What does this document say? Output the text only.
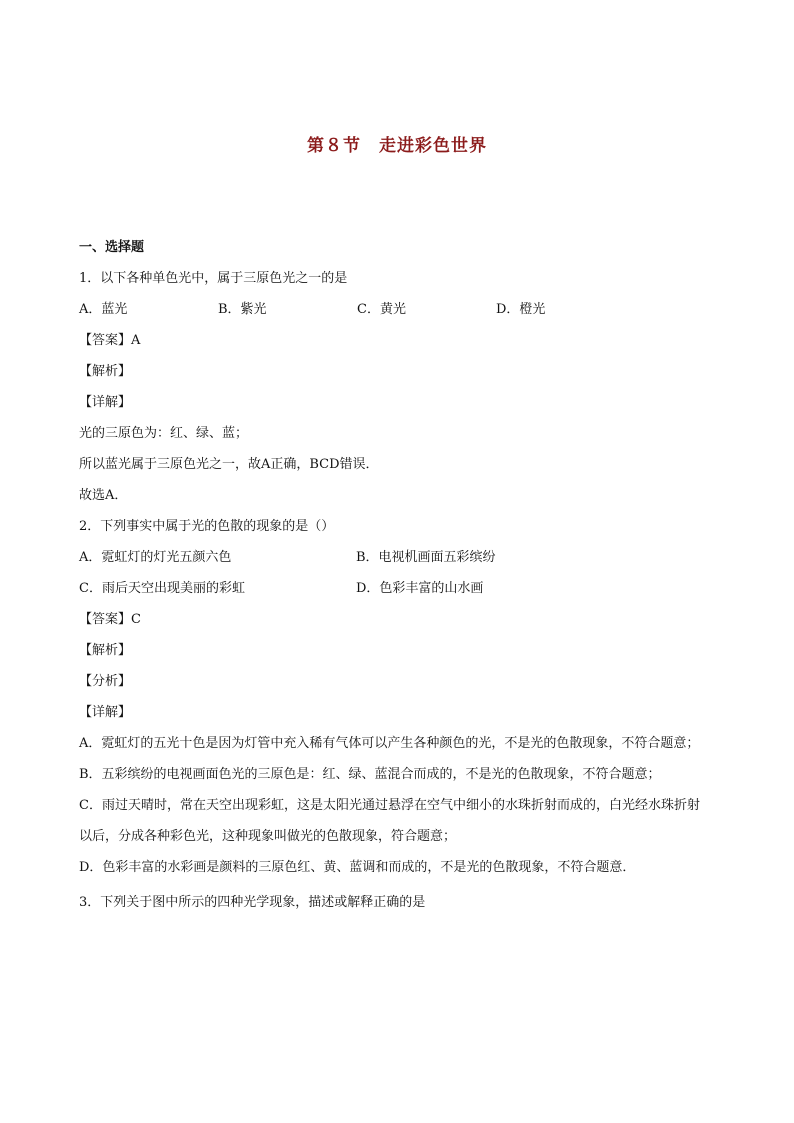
第８节　走进彩色世界
一、选择题
1．以下各种单色光中，属于三原色光之一的是
A．蓝光	B．紫光	C．黄光	D．橙光
【答案】A
【解析】
【详解】
光的三原色为：红、绿、蓝；
所以蓝光属于三原色光之一，故A正确，BCD错误．
故选A．
2．下列事实中属于光的色散的现象的是（）
A．霓虹灯的灯光五颜六色	B．电视机画面五彩缤纷
C．雨后天空出现美丽的彩虹	D．色彩丰富的山水画
【答案】C
【解析】
【分析】
【详解】
A．霓虹灯的五光十色是因为灯管中充入稀有气体可以产生各种颜色的光，不是光的色散现象，不符合题意；
B．五彩缤纷的电视画面色光的三原色是：红、绿、蓝混合而成的，不是光的色散现象，不符合题意；
C．雨过天晴时，常在天空出现彩虹，这是太阳光通过悬浮在空气中细小的水珠折射而成的，白光经水珠折射以后，分成各种彩色光，这种现象叫做光的色散现象，符合题意；
D．色彩丰富的水彩画是颜料的三原色红、黄、蓝调和而成的，不是光的色散现象，不符合题意．
3．下列关于图中所示的四种光学现象，描述或解释正确的是
